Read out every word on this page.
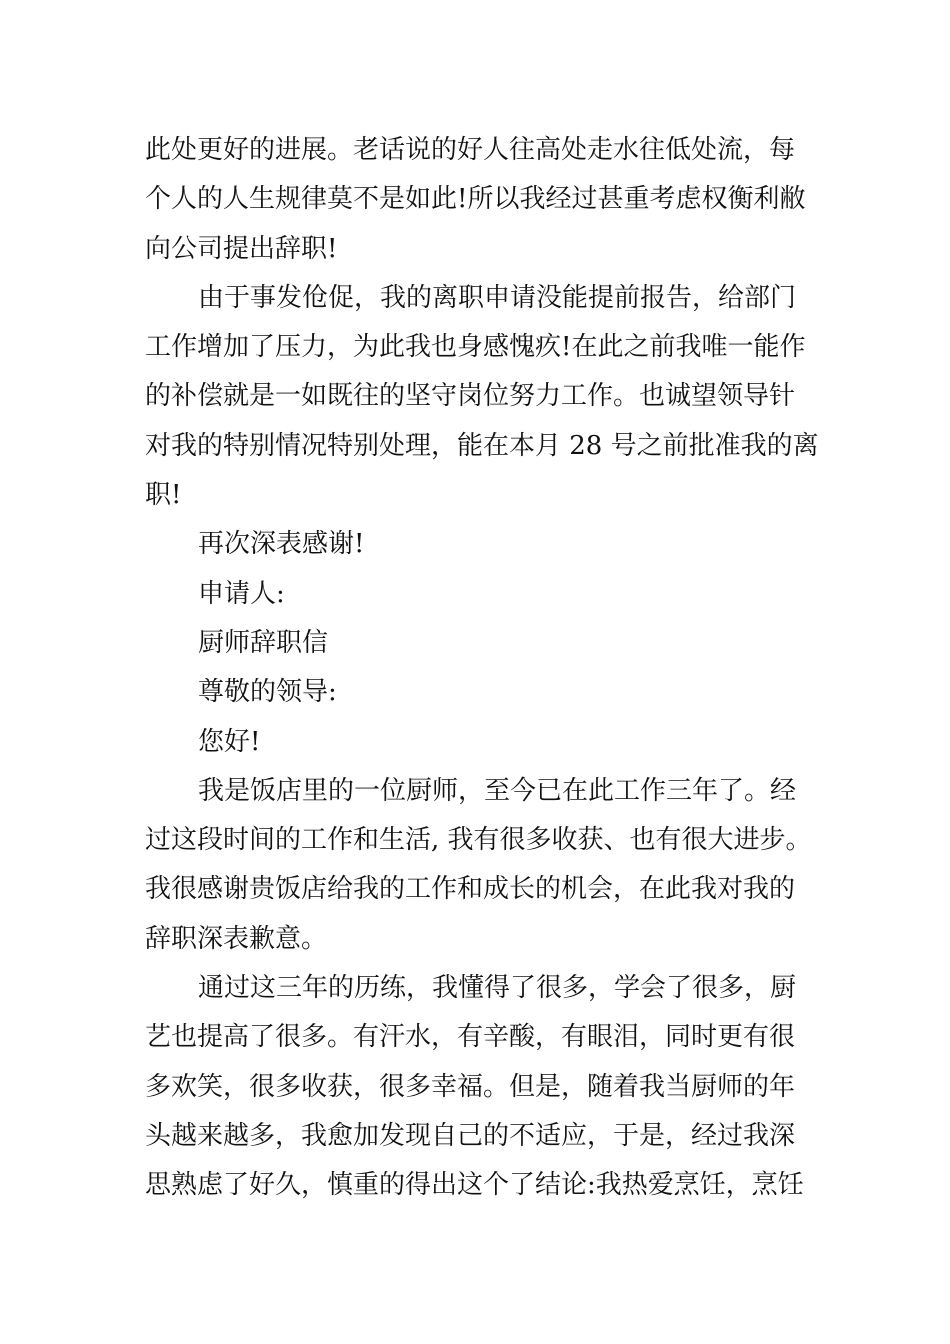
此处更好的进展。老话说的好人往高处走水往低处流，每
个人的人生规律莫不是如此!所以我经过甚重考虑权衡利敝
向公司提出辞职!
由于事发伧促，我的离职申请没能提前报告，给部门
工作增加了压力，为此我也身感愧疚!在此之前我唯一能作
的补偿就是一如既往的坚守岗位努力工作。也诚望领导针
对我的特别情况特别处理，能在本月 28 号之前批准我的离
职!
再次深表感谢!
申请人:
厨师辞职信
尊敬的领导:
您好!
我是饭店里的一位厨师，至今已在此工作三年了。经
过这段时间的工作和生活, 我有很多收获、也有很大进步。
我很感谢贵饭店给我的工作和成长的机会，在此我对我的
辞职深表歉意。
通过这三年的历练，我懂得了很多，学会了很多，厨
艺也提高了很多。有汗水，有辛酸，有眼泪，同时更有很
多欢笑，很多收获，很多幸福。但是，随着我当厨师的年
头越来越多，我愈加发现自己的不适应，于是，经过我深
思熟虑了好久，慎重的得出这个了结论:我热爱烹饪，烹饪
